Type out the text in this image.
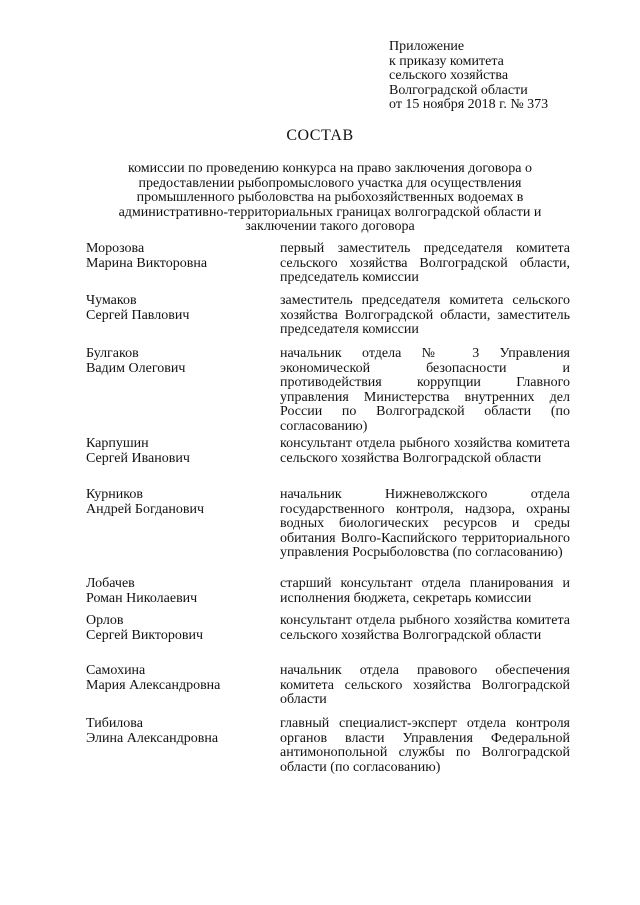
Приложение
к приказу комитета
сельского хозяйства
Волгоградской области
от 15 ноября 2018 г. № 373
СОСТАВ
комиссии по проведению конкурса на право заключения договора о предоставлении рыбопромыслового участка для осуществления промышленного рыболовства на рыбохозяйственных водоемах в административно-территориальных границах волгоградской области и заключении такого договора
Морозова
Марина Викторовна
первый заместитель председателя комитета сельского хозяйства Волгоградской области, председатель комиссии
Чумаков
Сергей Павлович
заместитель председателя комитета сельского хозяйства Волгоградской области, заместитель председателя комиссии
Булгаков
Вадим Олегович
начальник отдела № 3 Управления экономической безопасности и противодействия коррупции Главного управления Министерства внутренних дел России по Волгоградской области (по согласованию)
Карпушин
Сергей Иванович
консультант отдела рыбного хозяйства комитета сельского хозяйства Волгоградской области
Курников
Андрей Богданович
начальник Нижневолжского отдела государственного контроля, надзора, охраны водных биологических ресурсов и среды обитания Волго-Каспийского территориального управления Росрыболовства (по согласованию)
Лобачев
Роман Николаевич
старший консультант отдела планирования и исполнения бюджета, секретарь комиссии
Орлов
Сергей Викторович
консультант отдела рыбного хозяйства комитета сельского хозяйства Волгоградской области
Самохина
Мария Александровна
начальник отдела правового обеспечения комитета сельского хозяйства Волгоградской области
Тибилова
Элина Александровна
главный специалист-эксперт отдела контроля органов власти Управления Федеральной антимонопольной службы по Волгоградской области (по согласованию)
